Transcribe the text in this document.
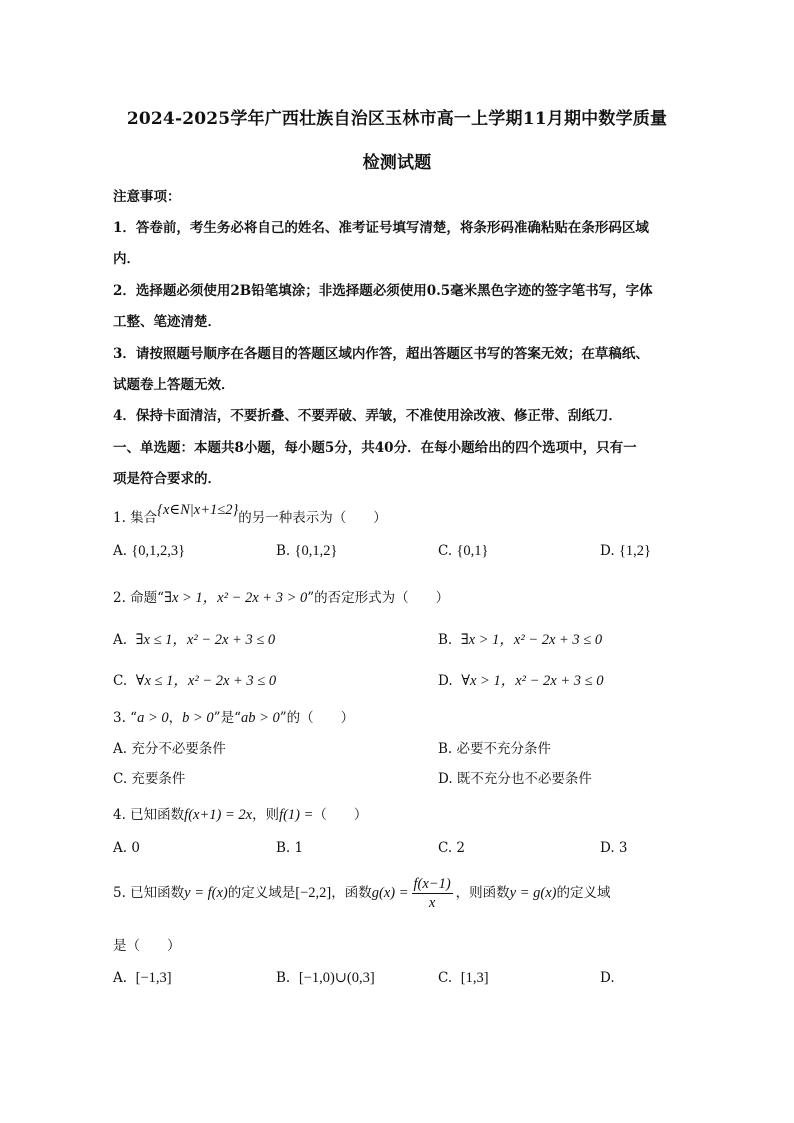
2024-2025学年广西壮族自治区玉林市高一上学期11月期中数学质量
检测试题
注意事项：
1．答卷前，考生务必将自己的姓名、准考证号填写清楚，将条形码准确粘贴在条形码区域
内．
2．选择题必须使用2B铅笔填涂；非选择题必须使用0.5毫米黑色字迹的签字笔书写，字体
工整、笔迹清楚．
3．请按照题号顺序在各题目的答题区域内作答，超出答题区书写的答案无效；在草稿纸、
试题卷上答题无效．
4．保持卡面清洁，不要折叠、不要弄破、弄皱，不准使用涂改液、修正带、刮纸刀．
一、单选题：本题共8小题，每小题5分，共40分．在每小题给出的四个选项中，只有一
项是符合要求的．
1. 集合{x∈N|x+1≤2}的另一种表示为（　　）
A. {0,1,2,3}	B. {0,1,2}	C. {0,1}	D. {1,2}
2. 命题“∃x > 1，x² − 2x + 3 > 0”的否定形式为（　　）
A. ∃x ≤ 1，x² − 2x + 3 ≤ 0	B. ∃x > 1，x² − 2x + 3 ≤ 0
C. ∀x ≤ 1，x² − 2x + 3 ≤ 0	D. ∀x > 1，x² − 2x + 3 ≤ 0
3. “a > 0，b > 0”是“ab > 0”的（　　）
A. 充分不必要条件	B. 必要不充分条件
C. 充要条件	D. 既不充分也不必要条件
4. 已知函数f(x+1) = 2x，则f(1) =（　　）
A. 0	B. 1	C. 2	D. 3
5. 已知函数y = f(x)的定义域是[−2,2]，函数$g(x) = \frac{f(x-1)}{x}$ ，则函数y = g(x)的定义域
是（　　）
A. [−1,3]	B. [−1,0)∪(0,3]	C. [1,3]	D.
